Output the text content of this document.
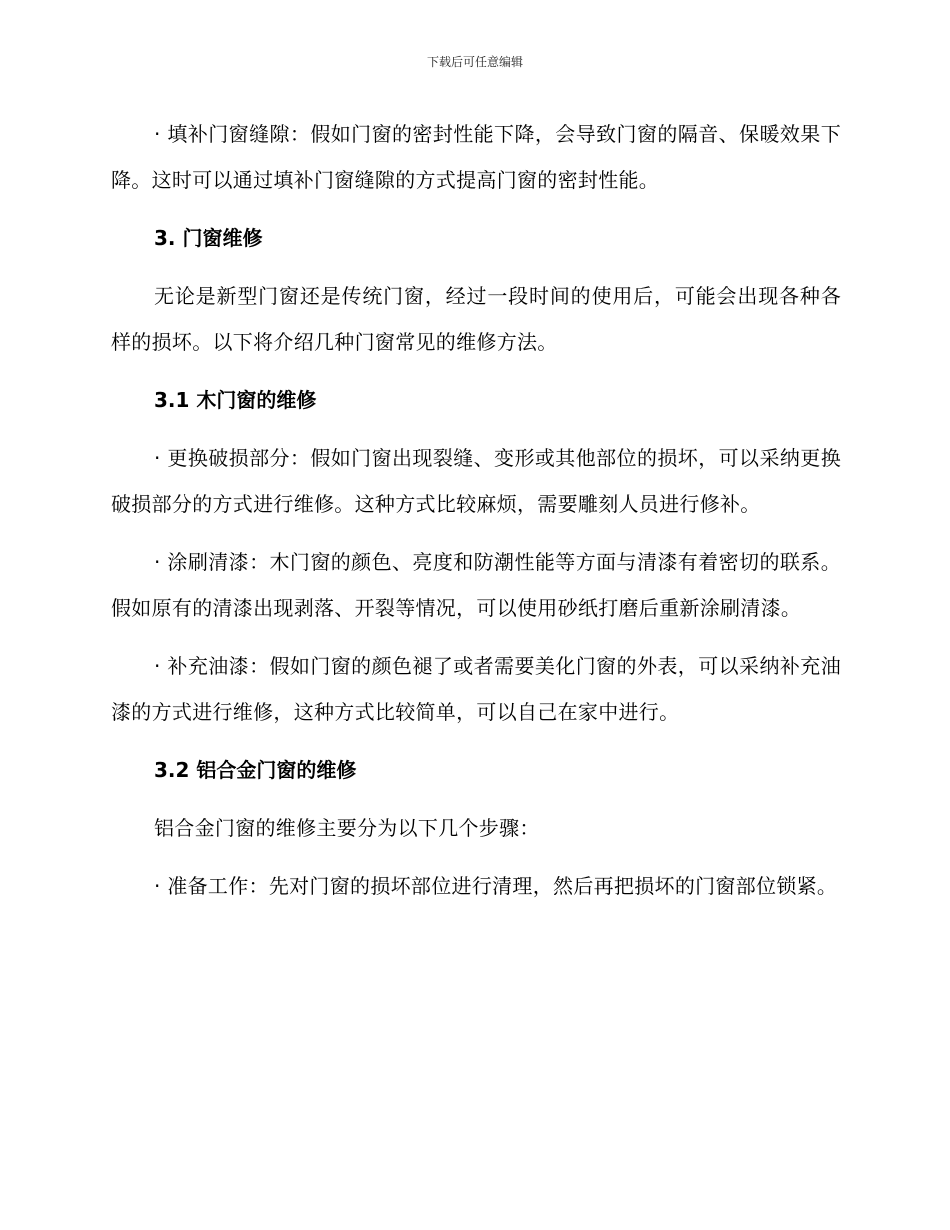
下载后可任意编辑

· 填补门窗缝隙：假如门窗的密封性能下降，会导致门窗的隔音、保暖效果下降。这时可以通过填补门窗缝隙的方式提高门窗的密封性能。

3. 门窗维修

无论是新型门窗还是传统门窗，经过一段时间的使用后，可能会出现各种各样的损坏。以下将介绍几种门窗常见的维修方法。

3.1 木门窗的维修

· 更换破损部分：假如门窗出现裂缝、变形或其他部位的损坏，可以采纳更换破损部分的方式进行维修。这种方式比较麻烦，需要雕刻人员进行修补。

· 涂刷清漆：木门窗的颜色、亮度和防潮性能等方面与清漆有着密切的联系。假如原有的清漆出现剥落、开裂等情况，可以使用砂纸打磨后重新涂刷清漆。

· 补充油漆：假如门窗的颜色褪了或者需要美化门窗的外表，可以采纳补充油漆的方式进行维修，这种方式比较简单，可以自己在家中进行。

3.2 铝合金门窗的维修

铝合金门窗的维修主要分为以下几个步骤：

· 准备工作：先对门窗的损坏部位进行清理，然后再把损坏的门窗部位锁紧。
